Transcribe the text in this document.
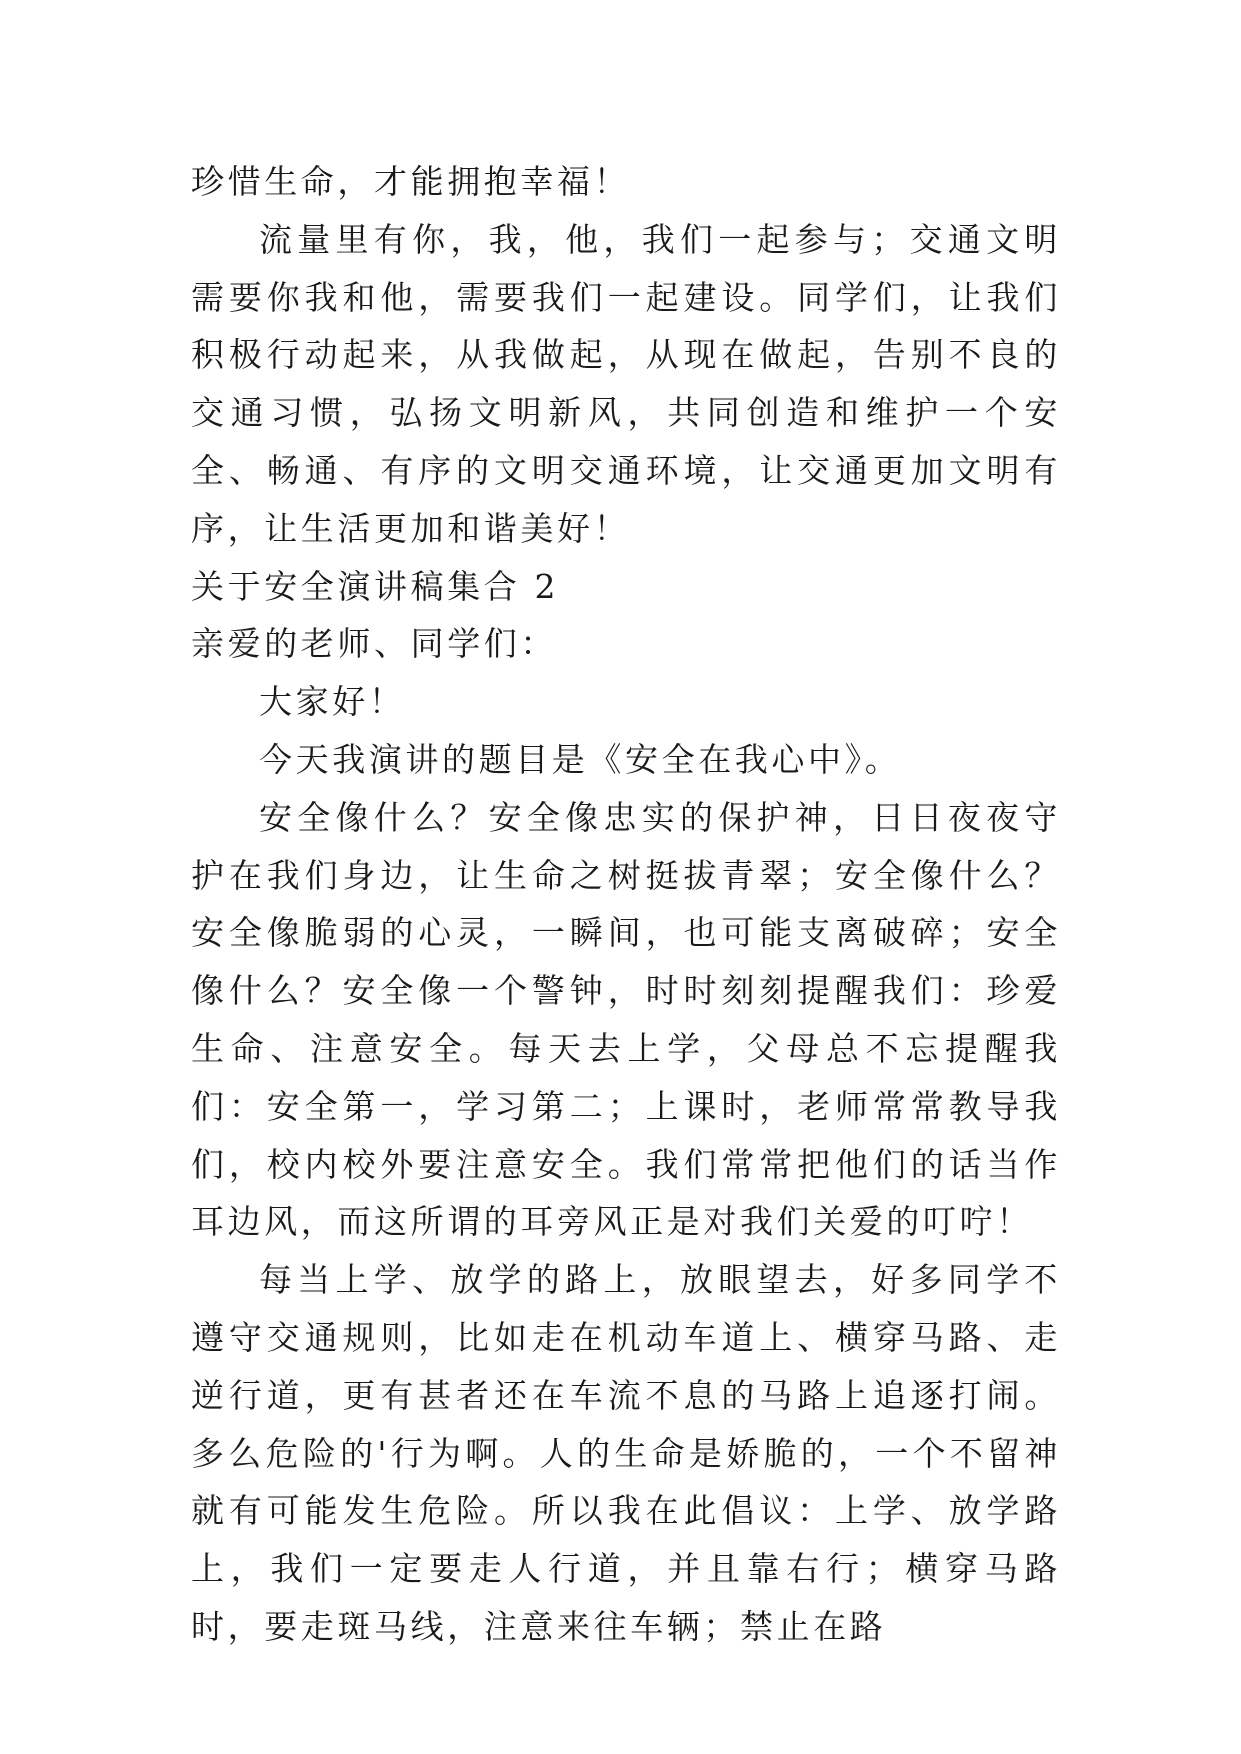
珍惜生命，才能拥抱幸福！

流量里有你，我，他，我们一起参与；交通文明需要你我和他，需要我们一起建设。同学们，让我们积极行动起来，从我做起，从现在做起，告别不良的交通习惯，弘扬文明新风，共同创造和维护一个安全、畅通、有序的文明交通环境，让交通更加文明有序，让生活更加和谐美好！

关于安全演讲稿集合 2

亲爱的老师、同学们：

大家好！

今天我演讲的题目是《安全在我心中》。

安全像什么？安全像忠实的保护神，日日夜夜守护在我们身边，让生命之树挺拔青翠；安全像什么？安全像脆弱的心灵，一瞬间，也可能支离破碎；安全像什么？安全像一个警钟，时时刻刻提醒我们：珍爱生命、注意安全。每天去上学，父母总不忘提醒我们：安全第一，学习第二；上课时，老师常常教导我们，校内校外要注意安全。我们常常把他们的话当作耳边风，而这所谓的耳旁风正是对我们关爱的叮咛！

每当上学、放学的路上，放眼望去，好多同学不遵守交通规则，比如走在机动车道上、横穿马路、走逆行道，更有甚者还在车流不息的马路上追逐打闹。多么危险的'行为啊。人的生命是娇脆的，一个不留神就有可能发生危险。所以我在此倡议：上学、放学路上，我们一定要走人行道，并且靠右行；横穿马路时，要走斑马线，注意来往车辆；禁止在路
